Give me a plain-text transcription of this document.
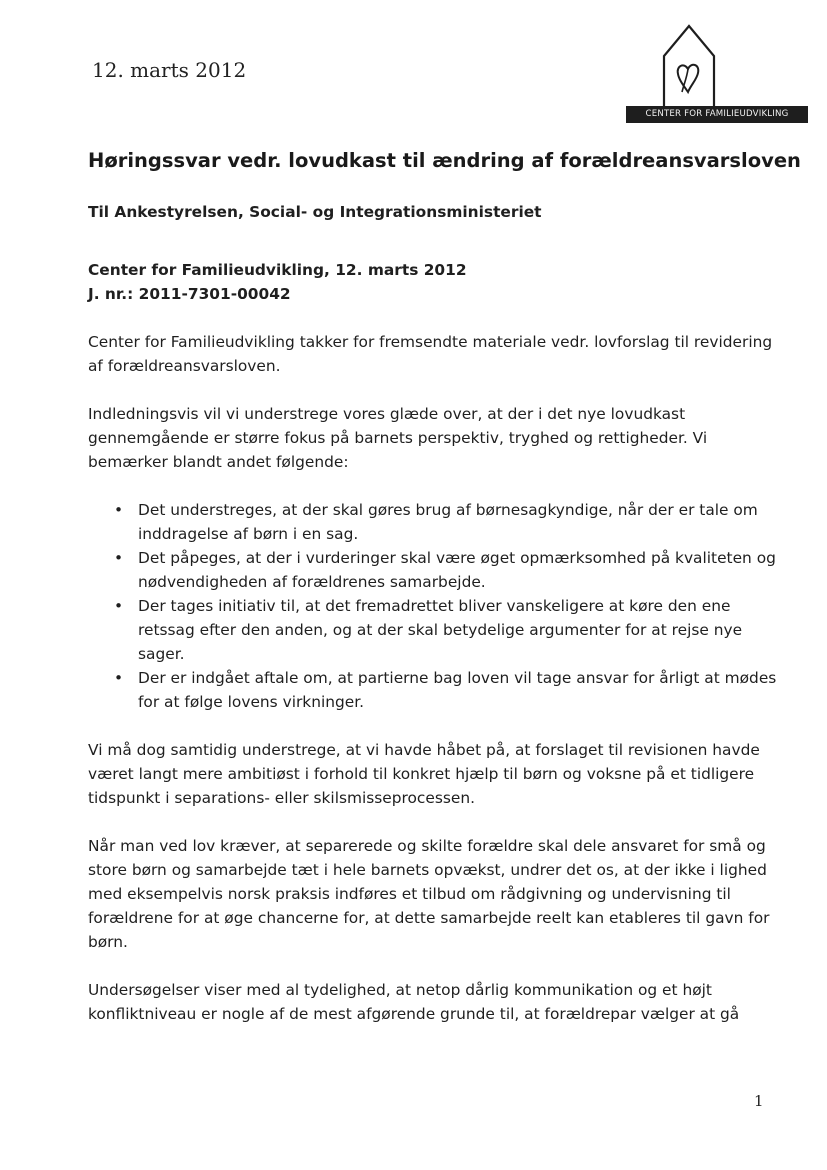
12. marts 2012
CENTER FOR FAMILIEUDVIKLING
Høringssvar vedr. lovudkast til ændring af forældreansvarsloven
Til Ankestyrelsen, Social- og Integrationsministeriet
Center for Familieudvikling, 12. marts 2012
J. nr.: 2011-7301-00042

Center for Familieudvikling takker for fremsendte materiale vedr. lovforslag til revidering af forældreansvarsloven.

Indledningsvis vil vi understrege vores glæde over, at der i det nye lovudkast gennemgående er større fokus på barnets perspektiv, tryghed og rettigheder. Vi bemærker blandt andet følgende:

• Det understreges, at der skal gøres brug af børnesagkyndige, når der er tale om inddragelse af børn i en sag.
• Det påpeges, at der i vurderinger skal være øget opmærksomhed på kvaliteten og nødvendigheden af forældrenes samarbejde.
• Der tages initiativ til, at det fremadrettet bliver vanskeligere at køre den ene retssag efter den anden, og at der skal betydelige argumenter for at rejse nye sager.
• Der er indgået aftale om, at partierne bag loven vil tage ansvar for årligt at mødes for at følge lovens virkninger.

Vi må dog samtidig understrege, at vi havde håbet på, at forslaget til revisionen havde været langt mere ambitiøst i forhold til konkret hjælp til børn og voksne på et tidligere tidspunkt i separations- eller skilsmisseprocessen.

Når man ved lov kræver, at separerede og skilte forældre skal dele ansvaret for små og store børn og samarbejde tæt i hele barnets opvækst, undrer det os, at der ikke i lighed med eksempelvis norsk praksis indføres et tilbud om rådgivning og undervisning til forældrene for at øge chancerne for, at dette samarbejde reelt kan etableres til gavn for børn.

Undersøgelser viser med al tydelighed, at netop dårlig kommunikation og et højt konfliktniveau er nogle af de mest afgørende grunde til, at forældrepar vælger at gå

1
